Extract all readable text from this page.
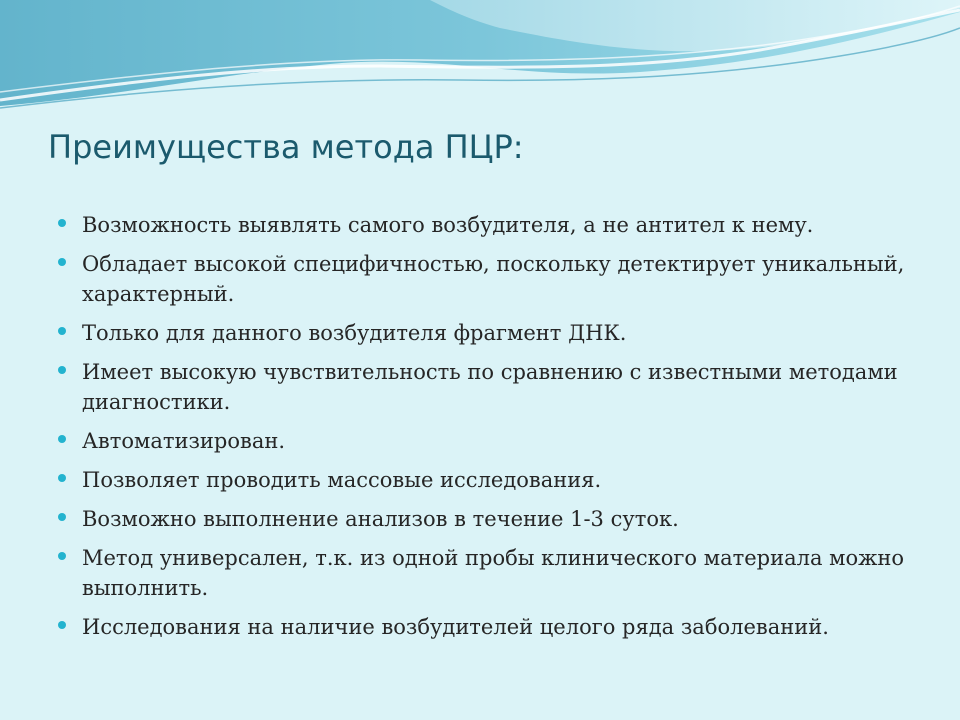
Преимущества метода ПЦР:
Возможность выявлять самого возбудителя, а не антител к нему.
Обладает высокой специфичностью, поскольку детектирует уникальный, характерный.
Только для данного возбудителя фрагмент ДНК.
Имеет высокую чувствительность по сравнению с известными методами диагностики.
Автоматизирован.
Позволяет проводить массовые исследования.
Возможно выполнение анализов в течение 1-3 суток.
Метод универсален, т.к. из одной пробы клинического материала можно выполнить.
Исследования на наличие возбудителей целого ряда заболеваний.
